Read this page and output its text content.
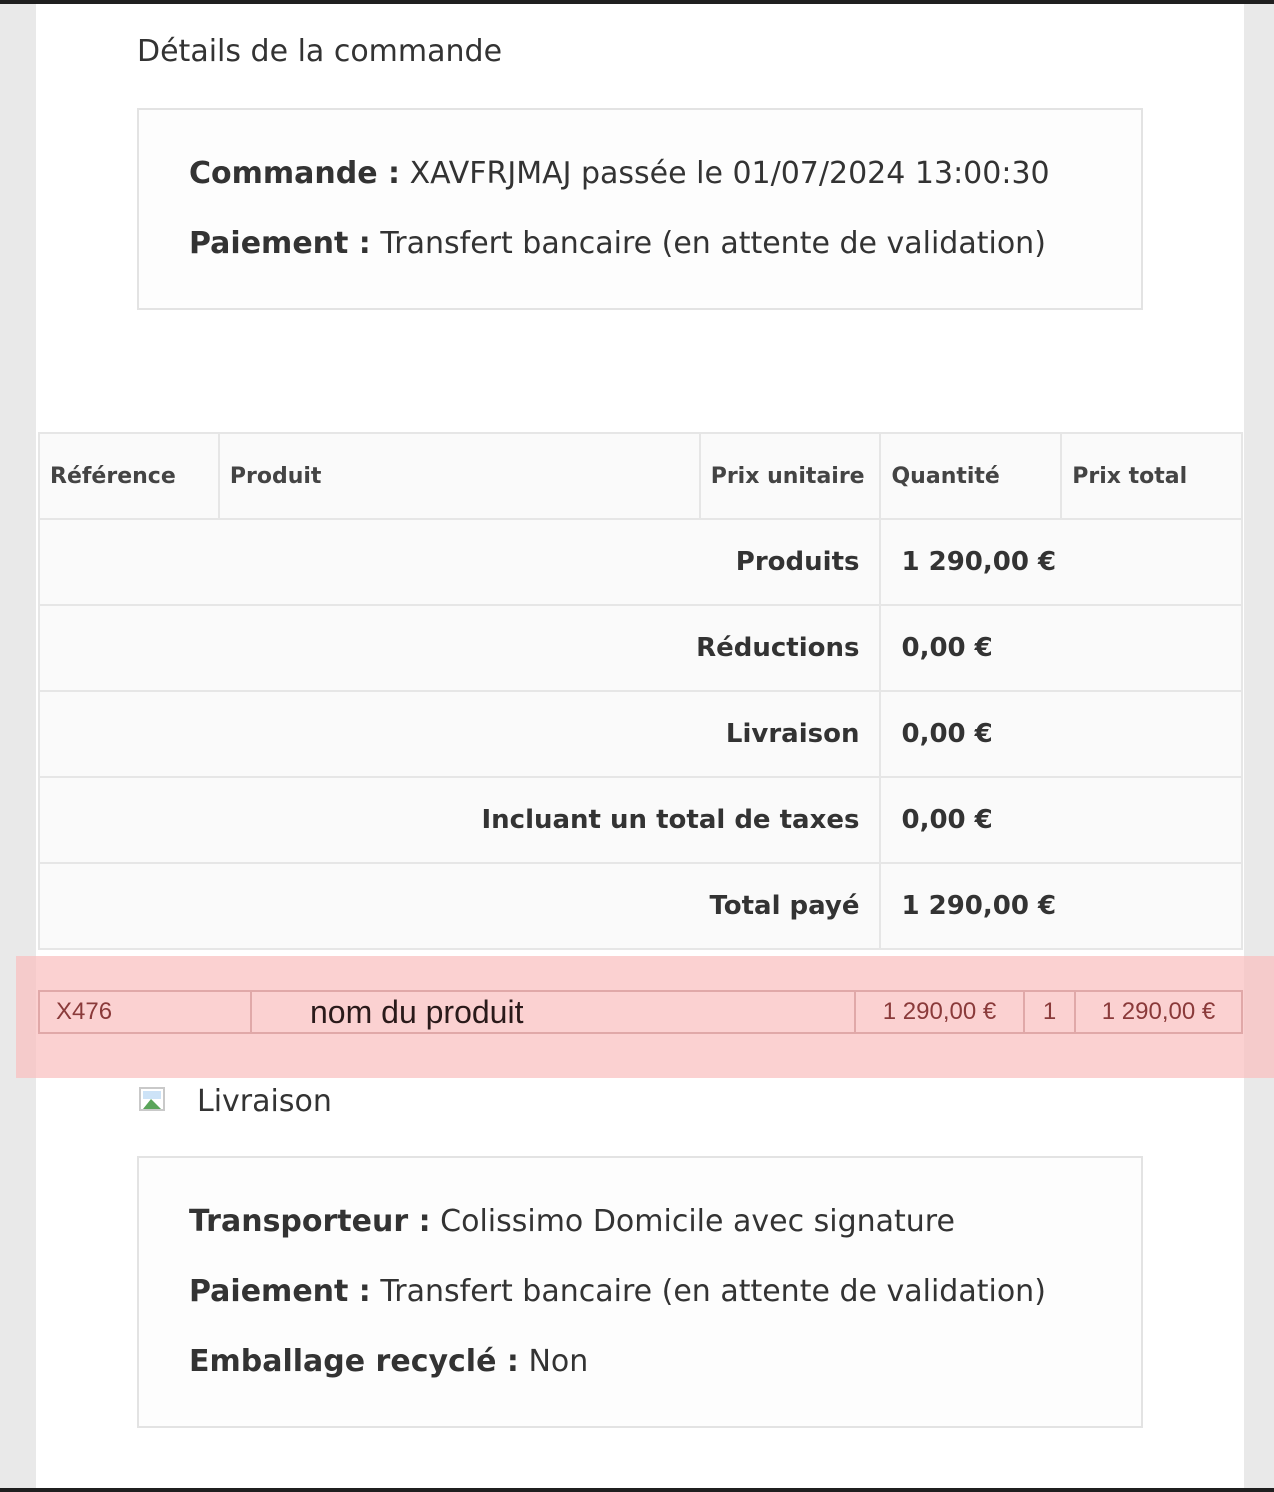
Détails de la commande
Commande : XAVFRJMAJ passée le 01/07/2024 13:00:30
Paiement : Transfert bancaire (en attente de validation)
Référence	Produit	Prix unitaire	Quantité	Prix total
Produits			1 290,00 €	
Réductions			0,00 €	
Livraison			0,00 €	
Incluant un total de taxes			0,00 €	
Total payé			1 290,00 €	
X476	nom du produit	1 290,00 €	1	1 290,00 €
Livraison
Transporteur : Colissimo Domicile avec signature
Paiement : Transfert bancaire (en attente de validation)
Emballage recyclé : Non
